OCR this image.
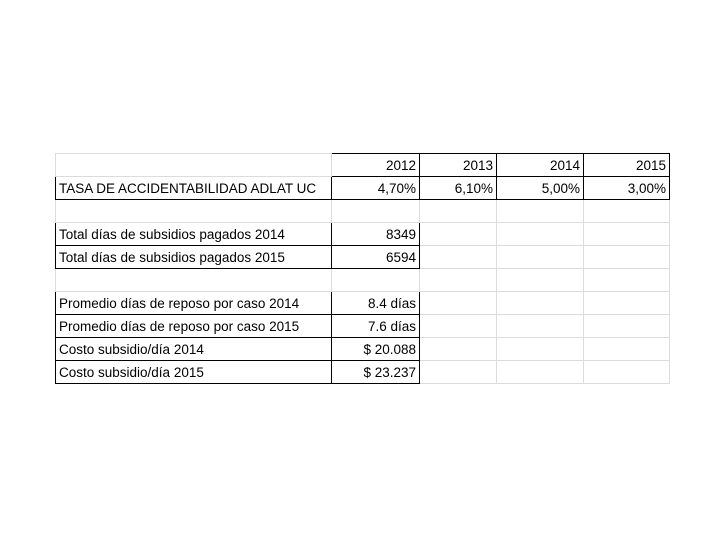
	2012	2013	2014	2015
TASA DE ACCIDENTABILIDAD ADLAT UC	4,70%	6,10%	5,00%	3,00%

Total días de subsidios pagados 2014	8349			
Total días de subsidios pagados 2015	6594			

Promedio días de reposo por caso 2014	8.4 días			
Promedio días de reposo por caso 2015	7.6 días			
Costo subsidio/día 2014	$ 20.088			
Costo subsidio/día 2015	$ 23.237			
